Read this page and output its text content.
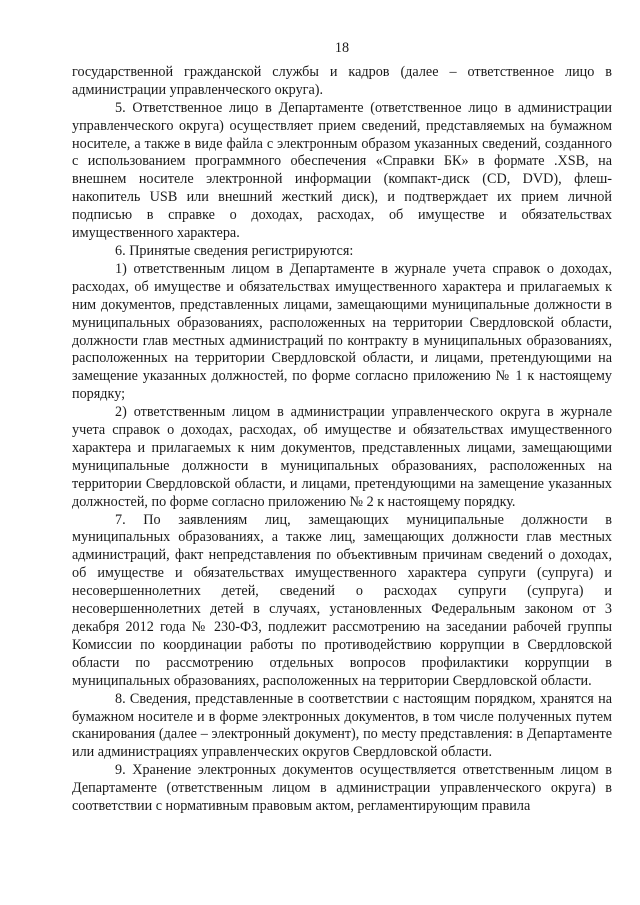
18

государственной гражданской службы и кадров (далее – ответственное лицо в администрации управленческого округа).

5. Ответственное лицо в Департаменте (ответственное лицо в администрации управленческого округа) осуществляет прием сведений, представляемых на бумажном носителе, а также в виде файла с электронным образом указанных сведений, созданного с использованием программного обеспечения «Справки БК» в формате .XSB, на внешнем носителе электронной информации (компакт-диск (CD, DVD), флеш-накопитель USB или внешний жесткий диск), и подтверждает их прием личной подписью в справке о доходах, расходах, об имуществе и обязательствах имущественного характера.

6. Принятые сведения регистрируются:

1) ответственным лицом в Департаменте в журнале учета справок о доходах, расходах, об имуществе и обязательствах имущественного характера и прилагаемых к ним документов, представленных лицами, замещающими муниципальные должности в муниципальных образованиях, расположенных на территории Свердловской области, должности глав местных администраций по контракту в муниципальных образованиях, расположенных на территории Свердловской области, и лицами, претендующими на замещение указанных должностей, по форме согласно приложению № 1 к настоящему порядку;

2) ответственным лицом в администрации управленческого округа в журнале учета справок о доходах, расходах, об имуществе и обязательствах имущественного характера и прилагаемых к ним документов, представленных лицами, замещающими муниципальные должности в муниципальных образованиях, расположенных на территории Свердловской области, и лицами, претендующими на замещение указанных должностей, по форме согласно приложению № 2 к настоящему порядку.

7. По заявлениям лиц, замещающих муниципальные должности в муниципальных образованиях, а также лиц, замещающих должности глав местных администраций, факт непредставления по объективным причинам сведений о доходах, об имуществе и обязательствах имущественного характера супруги (супруга) и несовершеннолетних детей, сведений о расходах супруги (супруга) и несовершеннолетних детей в случаях, установленных Федеральным законом от 3 декабря 2012 года № 230-ФЗ, подлежит рассмотрению на заседании рабочей группы Комиссии по координации работы по противодействию коррупции в Свердловской области по рассмотрению отдельных вопросов профилактики коррупции в муниципальных образованиях, расположенных на территории Свердловской области.

8. Сведения, представленные в соответствии с настоящим порядком, хранятся на бумажном носителе и в форме электронных документов, в том числе полученных путем сканирования (далее – электронный документ), по месту представления: в Департаменте или администрациях управленческих округов Свердловской области.

9. Хранение электронных документов осуществляется ответственным лицом в Департаменте (ответственным лицом в администрации управленческого округа) в соответствии с нормативным правовым актом, регламентирующим правила
